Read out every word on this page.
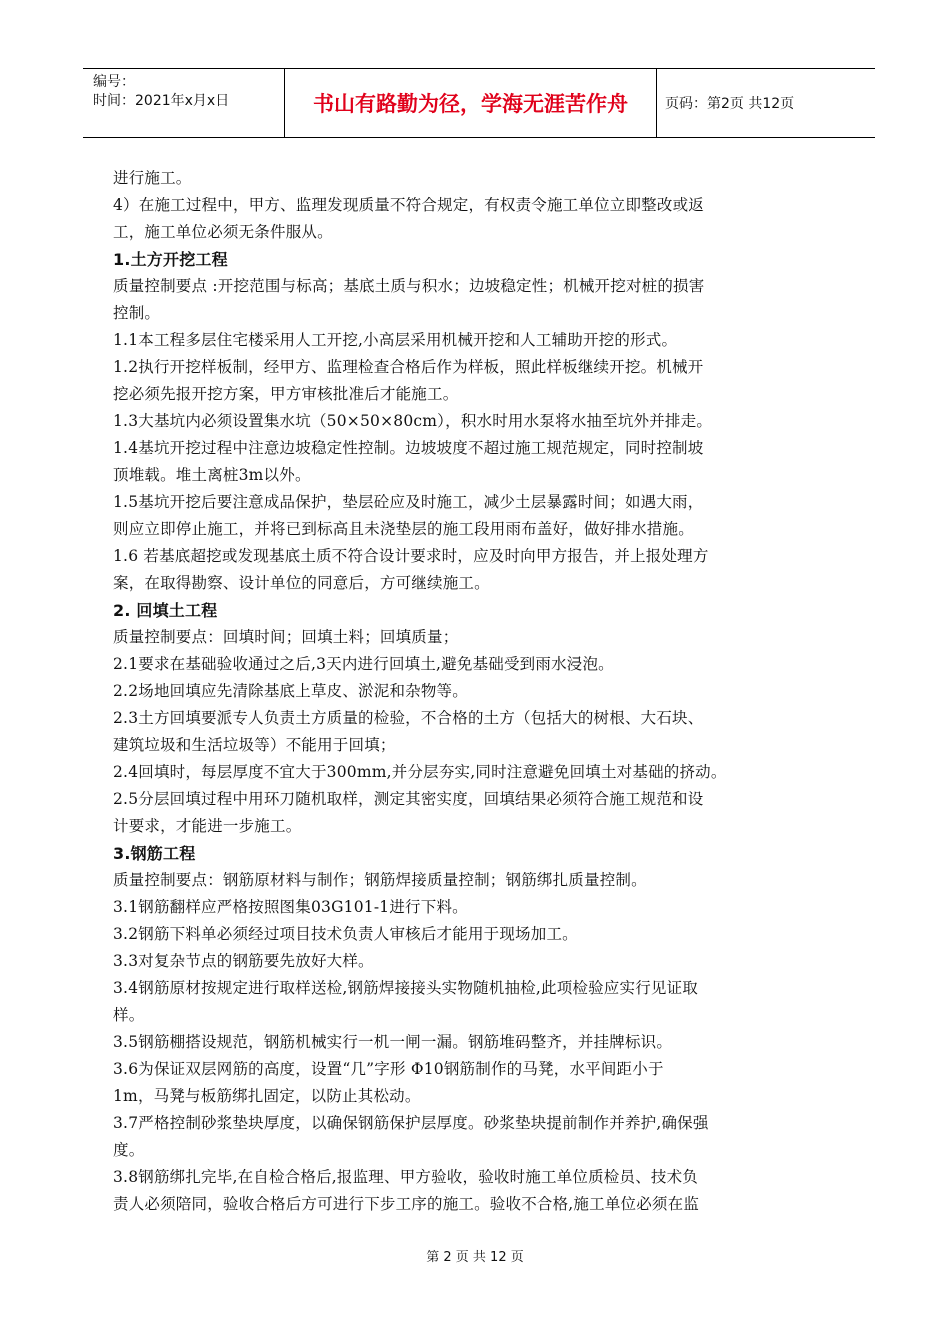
编号：
时间：2021年x月x日	书山有路勤为径，学海无涯苦作舟	页码：第2页 共12页
进行施工。
4）在施工过程中，甲方、监理发现质量不符合规定，有权责令施工单位立即整改或返
工，施工单位必须无条件服从。
1.土方开挖工程
质量控制要点 :开挖范围与标高；基底土质与积水；边坡稳定性；机械开挖对桩的损害
控制。
1.1本工程多层住宅楼采用人工开挖,小高层采用机械开挖和人工辅助开挖的形式。
1.2执行开挖样板制，经甲方、监理检查合格后作为样板，照此样板继续开挖。机械开
挖必须先报开挖方案，甲方审核批准后才能施工。
1.3大基坑内必须设置集水坑（50×50×80cm），积水时用水泵将水抽至坑外并排走。
1.4基坑开挖过程中注意边坡稳定性控制。边坡坡度不超过施工规范规定，同时控制坡
顶堆载。堆土离桩3m以外。
1.5基坑开挖后要注意成品保护，垫层砼应及时施工，减少土层暴露时间；如遇大雨，
则应立即停止施工，并将已到标高且未浇垫层的施工段用雨布盖好，做好排水措施。
1.6 若基底超挖或发现基底土质不符合设计要求时，应及时向甲方报告，并上报处理方
案，在取得勘察、设计单位的同意后，方可继续施工。
2. 回填土工程
质量控制要点：回填时间；回填土料；回填质量；
2.1要求在基础验收通过之后,3天内进行回填土,避免基础受到雨水浸泡。
2.2场地回填应先清除基底上草皮、淤泥和杂物等。
2.3土方回填要派专人负责土方质量的检验，不合格的土方（包括大的树根、大石块、
建筑垃圾和生活垃圾等）不能用于回填；
2.4回填时，每层厚度不宜大于300mm,并分层夯实,同时注意避免回填土对基础的挤动。
2.5分层回填过程中用环刀随机取样，测定其密实度，回填结果必须符合施工规范和设
计要求，才能进一步施工。
3.钢筋工程
质量控制要点：钢筋原材料与制作；钢筋焊接质量控制；钢筋绑扎质量控制。
3.1钢筋翻样应严格按照图集03G101-1进行下料。
3.2钢筋下料单必须经过项目技术负责人审核后才能用于现场加工。
3.3对复杂节点的钢筋要先放好大样。
3.4钢筋原材按规定进行取样送检,钢筋焊接接头实物随机抽检,此项检验应实行见证取
样。
3.5钢筋棚搭设规范，钢筋机械实行一机一闸一漏。钢筋堆码整齐，并挂牌标识。
3.6为保证双层网筋的高度，设置“几”字形 Φ10钢筋制作的马凳，水平间距小于
1m，马凳与板筋绑扎固定，以防止其松动。
3.7严格控制砂浆垫块厚度，以确保钢筋保护层厚度。砂浆垫块提前制作并养护,确保强
度。
3.8钢筋绑扎完毕,在自检合格后,报监理、甲方验收，验收时施工单位质检员、技术负
责人必须陪同，验收合格后方可进行下步工序的施工。验收不合格,施工单位必须在监
第 2 页 共 12 页
